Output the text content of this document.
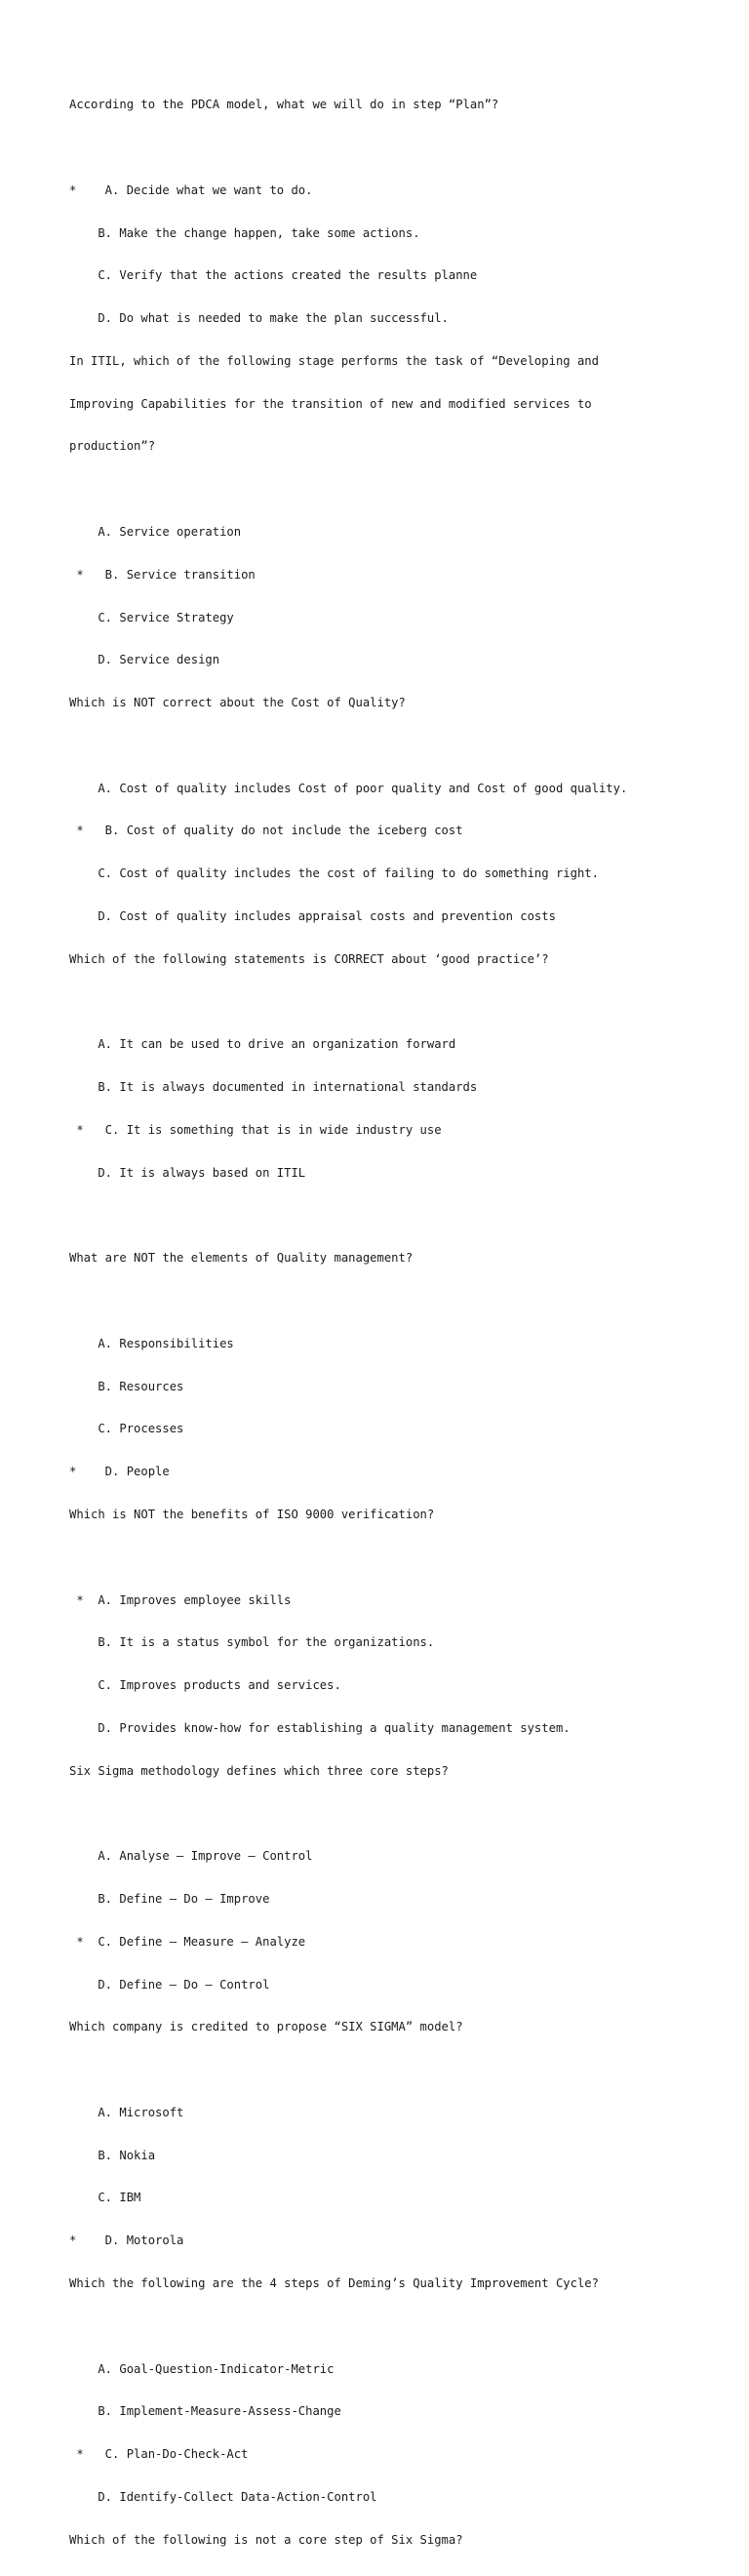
According to the PDCA model, what we will do in step “Plan”?

*    A. Decide what we want to do.

B. Make the change happen, take some actions.

C. Verify that the actions created the results planne

D. Do what is needed to make the plan successful.

In ITIL, which of the following stage performs the task of “Developing and

Improving Capabilities for the transition of new and modified services to

production”?

A. Service operation

*   B. Service transition

C. Service Strategy

D. Service design

Which is NOT correct about the Cost of Quality?

A. Cost of quality includes Cost of poor quality and Cost of good quality.

*   B. Cost of quality do not include the iceberg cost

C. Cost of quality includes the cost of failing to do something right.

D. Cost of quality includes appraisal costs and prevention costs

Which of the following statements is CORRECT about ‘good practice’?

A. It can be used to drive an organization forward

B. It is always documented in international standards

*   C. It is something that is in wide industry use

D. It is always based on ITIL

What are NOT the elements of Quality management?

A. Responsibilities

B. Resources

C. Processes

*    D. People

Which is NOT the benefits of ISO 9000 verification?

*  A. Improves employee skills

B. It is a status symbol for the organizations.

C. Improves products and services.

D. Provides know-how for establishing a quality management system.

Six Sigma methodology defines which three core steps?

A. Analyse – Improve – Control

B. Define – Do – Improve

*  C. Define – Measure – Analyze

D. Define – Do – Control

Which company is credited to propose “SIX SIGMA” model?

A. Microsoft

B. Nokia

C. IBM

*    D. Motorola

Which the following are the 4 steps of Deming’s Quality Improvement Cycle?

A. Goal-Question-Indicator-Metric

B. Implement-Measure-Assess-Change

*   C. Plan-Do-Check-Act

D. Identify-Collect Data-Action-Control

Which of the following is not a core step of Six Sigma?
